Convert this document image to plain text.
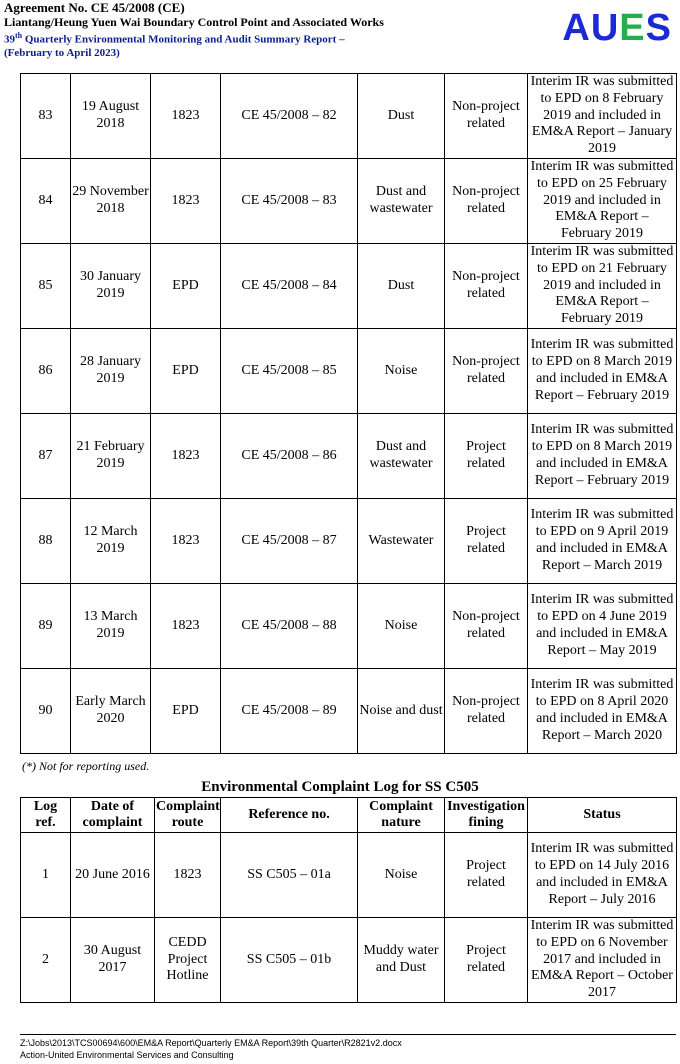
Agreement No. CE 45/2008 (CE)
Liantang/Heung Yuen Wai Boundary Control Point and Associated Works
39th Quarterly Environmental Monitoring and Audit Summary Report –
(February to April 2023)
AUES
83	19 August 2018	1823	CE 45/2008 – 82	Dust	Non-project related	Interim IR was submitted to EPD on 8 February 2019 and included in EM&A Report – January 2019
84	29 November 2018	1823	CE 45/2008 – 83	Dust and wastewater	Non-project related	Interim IR was submitted to EPD on 25 February 2019 and included in EM&A Report – February 2019
85	30 January 2019	EPD	CE 45/2008 – 84	Dust	Non-project related	Interim IR was submitted to EPD on 21 February 2019 and included in EM&A Report – February 2019
86	28 January 2019	EPD	CE 45/2008 – 85	Noise	Non-project related	Interim IR was submitted to EPD on 8 March 2019 and included in EM&A Report – February 2019
87	21 February 2019	1823	CE 45/2008 – 86	Dust and wastewater	Project related	Interim IR was submitted to EPD on 8 March 2019 and included in EM&A Report – February 2019
88	12 March 2019	1823	CE 45/2008 – 87	Wastewater	Project related	Interim IR was submitted to EPD on 9 April 2019 and included in EM&A Report – March 2019
89	13 March 2019	1823	CE 45/2008 – 88	Noise	Non-project related	Interim IR was submitted to EPD on 4 June 2019 and included in EM&A Report – May 2019
90	Early March 2020	EPD	CE 45/2008 – 89	Noise and dust	Non-project related	Interim IR was submitted to EPD on 8 April 2020 and included in EM&A Report – March 2020
(*) Not for reporting used.
Environmental Complaint Log for SS C505
Log ref.	Date of complaint	Complaint route	Reference no.	Complaint nature	Investigation fining	Status
1	20 June 2016	1823	SS C505 – 01a	Noise	Project related	Interim IR was submitted to EPD on 14 July 2016 and included in EM&A Report – July 2016
2	30 August 2017	CEDD Project Hotline	SS C505 – 01b	Muddy water and Dust	Project related	Interim IR was submitted to EPD on 6 November 2017 and included in EM&A Report – October 2017
Z:\Jobs\2013\TCS00694\600\EM&A Report\Quarterly EM&A Report\39th Quarter\R2821v2.docx
Action-United Environmental Services and Consulting
